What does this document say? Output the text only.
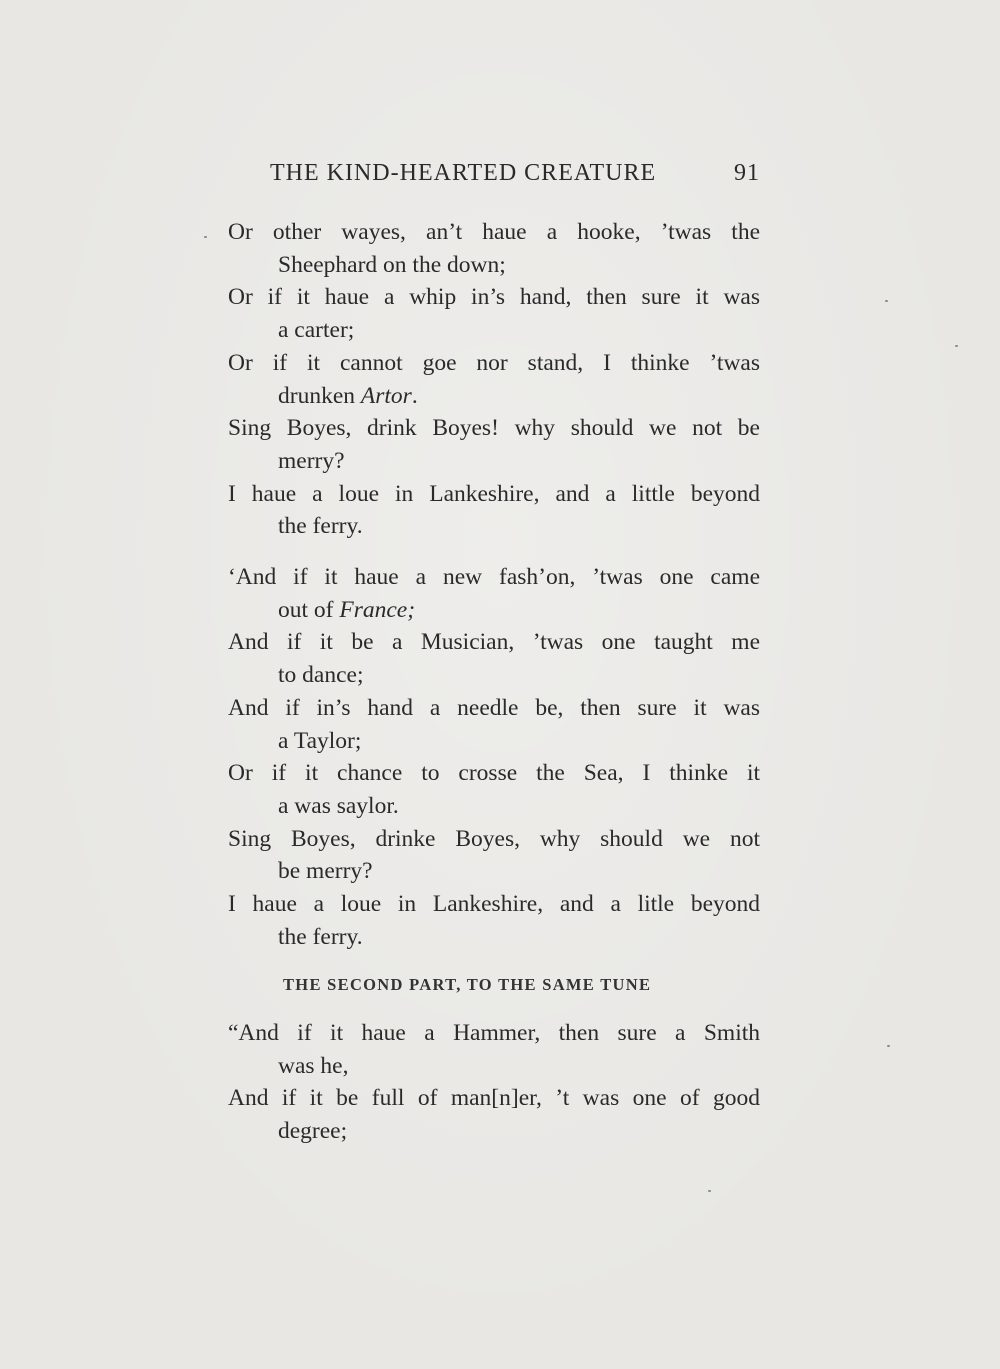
THE KIND-HEARTED CREATURE	91
Or other wayes, an’t haue a hooke, ’twas the
Sheephard on the down;
Or if it haue a whip in’s hand, then sure it was
a carter;
Or if it cannot goe nor stand, I thinke ’twas
drunken Artor.
Sing Boyes, drink Boyes! why should we not be
merry?
I haue a loue in Lankeshire, and a little beyond
the ferry.
‘And if it haue a new fash’on, ’twas one came
out of France;
And if it be a Musician, ’twas one taught me
to dance;
And if in’s hand a needle be, then sure it was
a Taylor;
Or if it chance to crosse the Sea, I thinke it
a was saylor.
Sing Boyes, drinke Boyes, why should we not
be merry?
I haue a loue in Lankeshire, and a litle beyond
the ferry.
THE SECOND PART, TO THE SAME TUNE
“And if it haue a Hammer, then sure a Smith
was he,
And if it be full of man[n]er, ’t was one of good
degree;
